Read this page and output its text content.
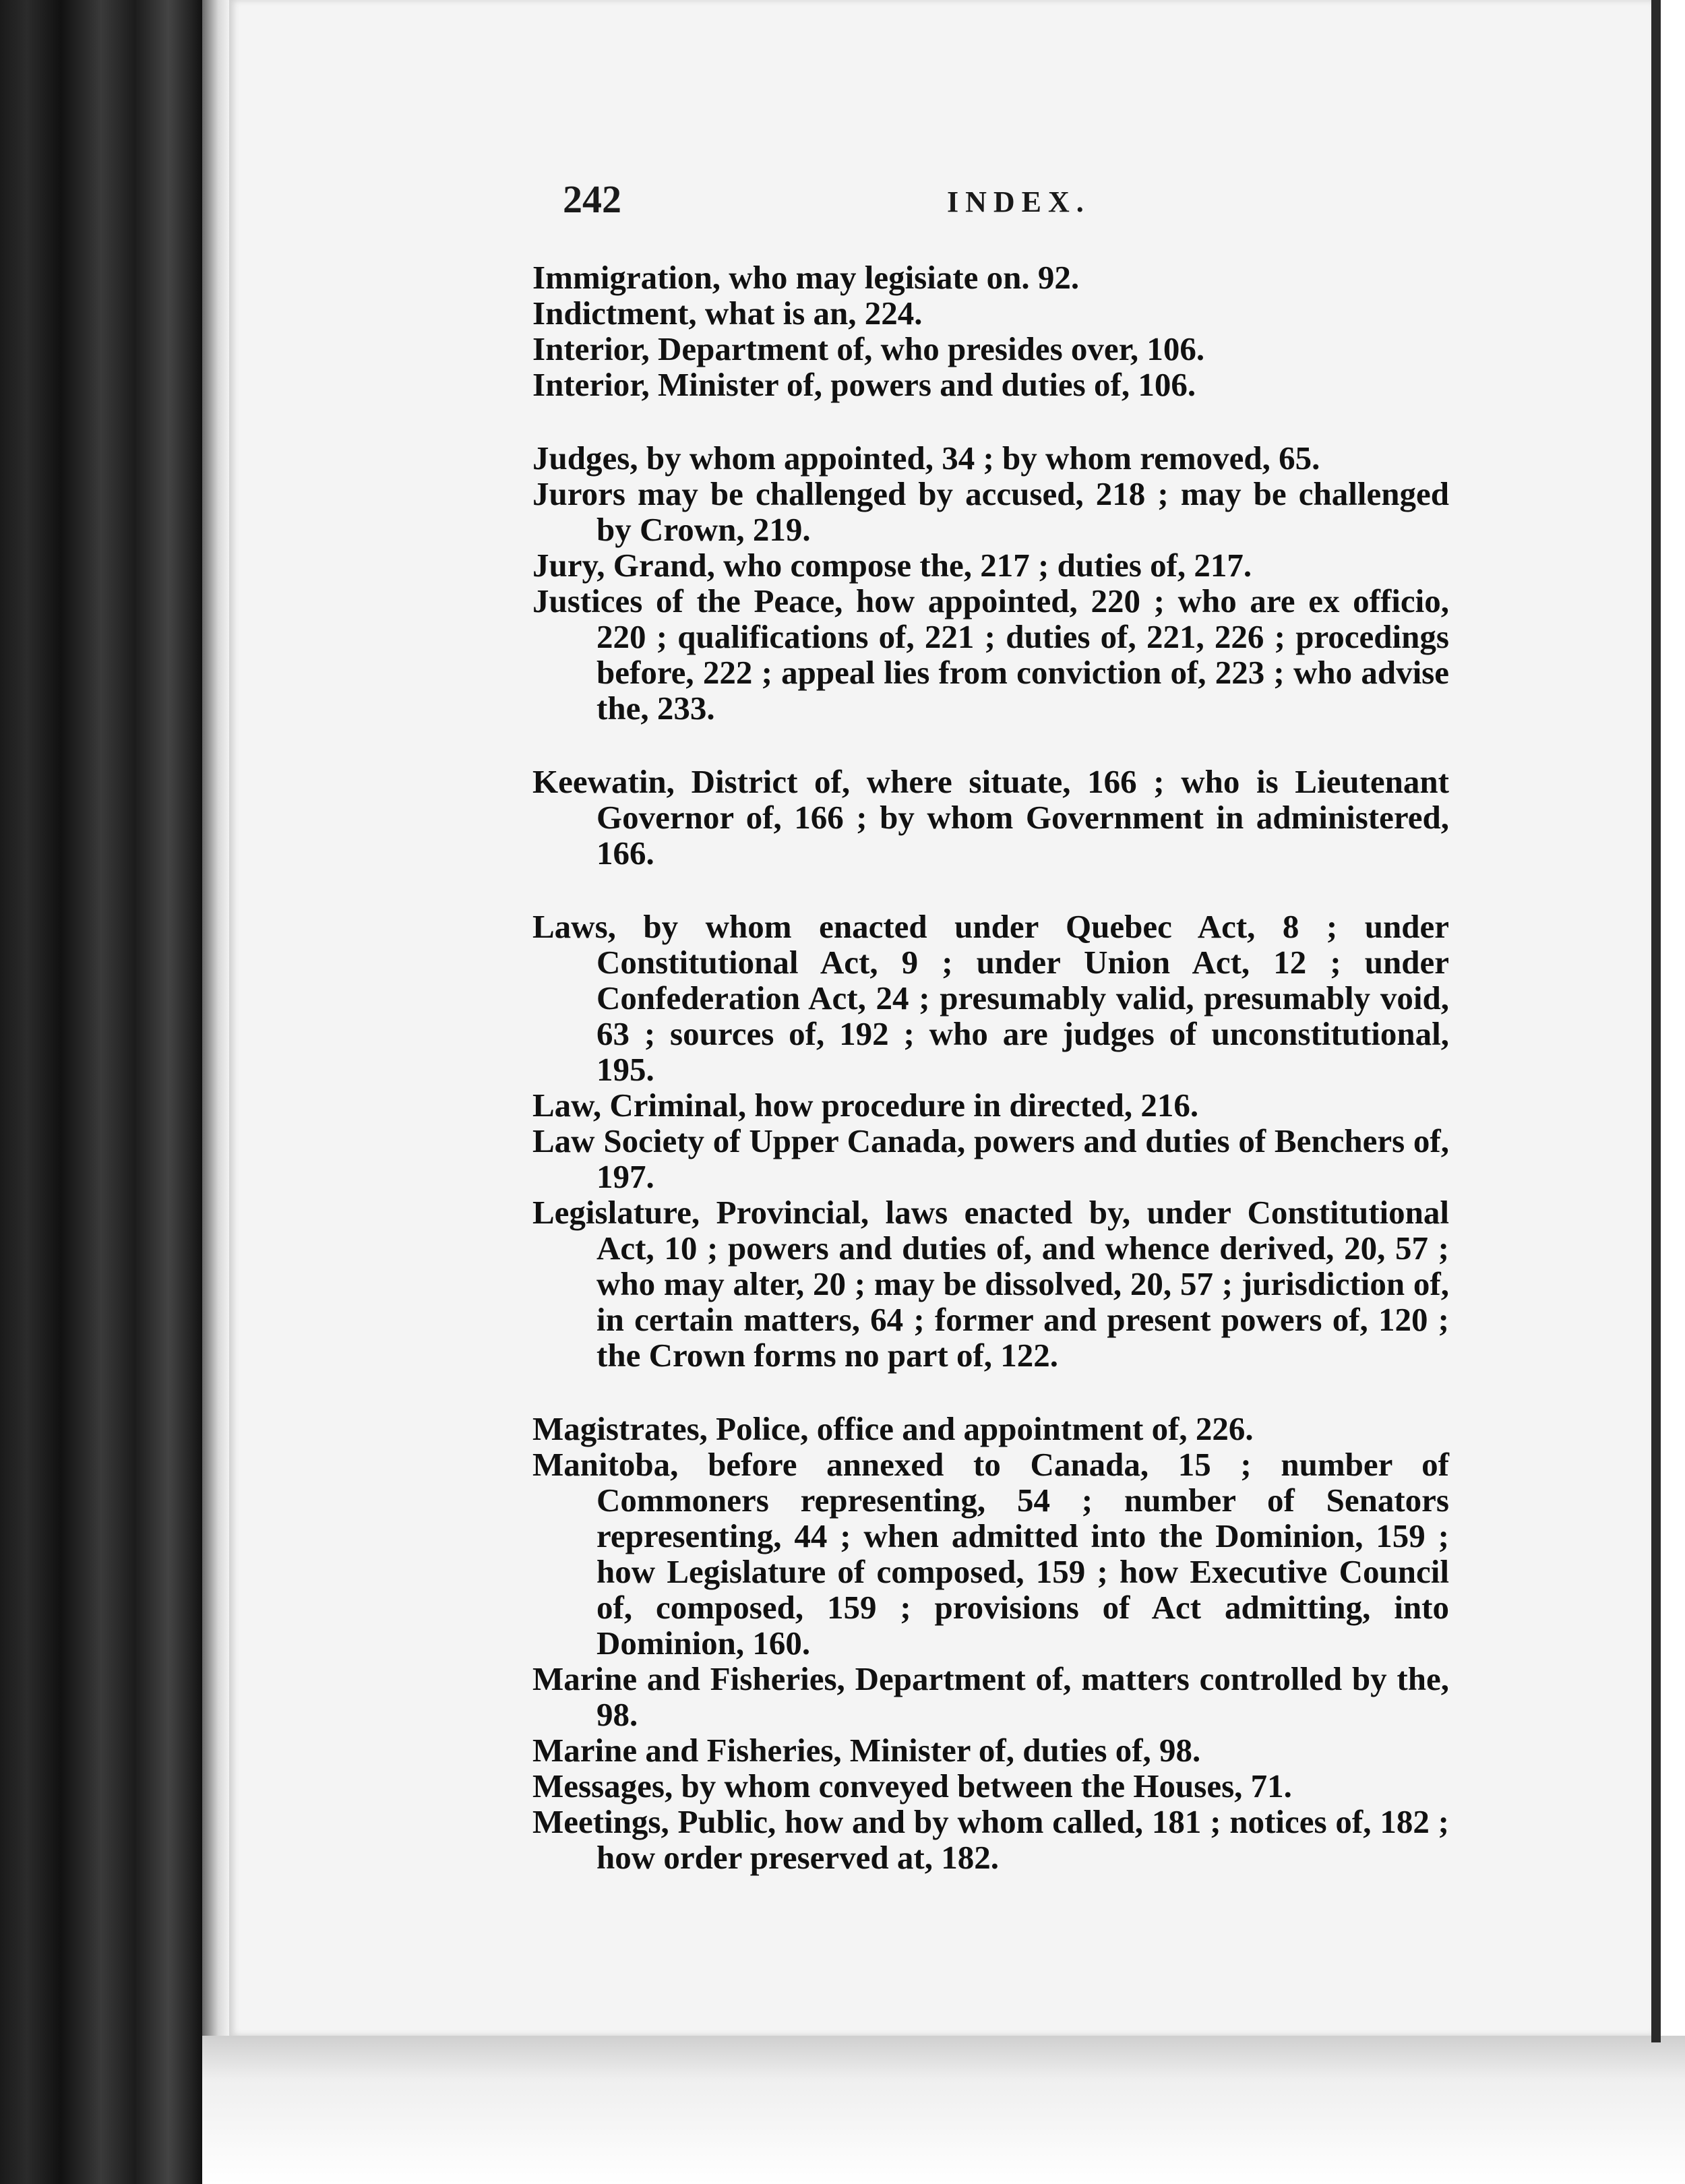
242	INDEX.

Immigration, who may legisiate on. 92.

Indictment, what is an, 224.

Interior, Department of, who presides over, 106.

Interior, Minister of, powers and duties of, 106.

Judges, by whom appointed, 34 ; by whom removed, 65.

Jurors may be challenged by accused, 218 ; may be challenged by Crown, 219.

Jury, Grand, who compose the, 217 ; duties of, 217.

Justices of the Peace, how appointed, 220 ; who are ex officio, 220 ; qualifications of, 221 ; duties of, 221, 226 ; procedings before, 222 ; appeal lies from conviction of, 223 ; who advise the, 233.

Keewatin, District of, where situate, 166 ; who is Lieutenant Governor of, 166 ; by whom Government in administered, 166.

Laws, by whom enacted under Quebec Act, 8 ; under Constitutional Act, 9 ; under Union Act, 12 ; under Confederation Act, 24 ; presumably valid, presumably void, 63 ; sources of, 192 ; who are judges of unconstitutional, 195.

Law, Criminal, how procedure in directed, 216.

Law Society of Upper Canada, powers and duties of Benchers of, 197.

Legislature, Provincial, laws enacted by, under Constitutional Act, 10 ; powers and duties of, and whence derived, 20, 57 ; who may alter, 20 ; may be dissolved, 20, 57 ; jurisdiction of, in certain matters, 64 ; former and present powers of, 120 ; the Crown forms no part of, 122.

Magistrates, Police, office and appointment of, 226.

Manitoba, before annexed to Canada, 15 ; number of Commoners representing, 54 ; number of Senators representing, 44 ; when admitted into the Dominion, 159 ; how Legislature of composed, 159 ; how Executive Council of, composed, 159 ; provisions of Act admitting, into Dominion, 160.

Marine and Fisheries, Department of, matters controlled by the, 98.

Marine and Fisheries, Minister of, duties of, 98.

Messages, by whom conveyed between the Houses, 71.

Meetings, Public, how and by whom called, 181 ; notices of, 182 ; how order preserved at, 182.
